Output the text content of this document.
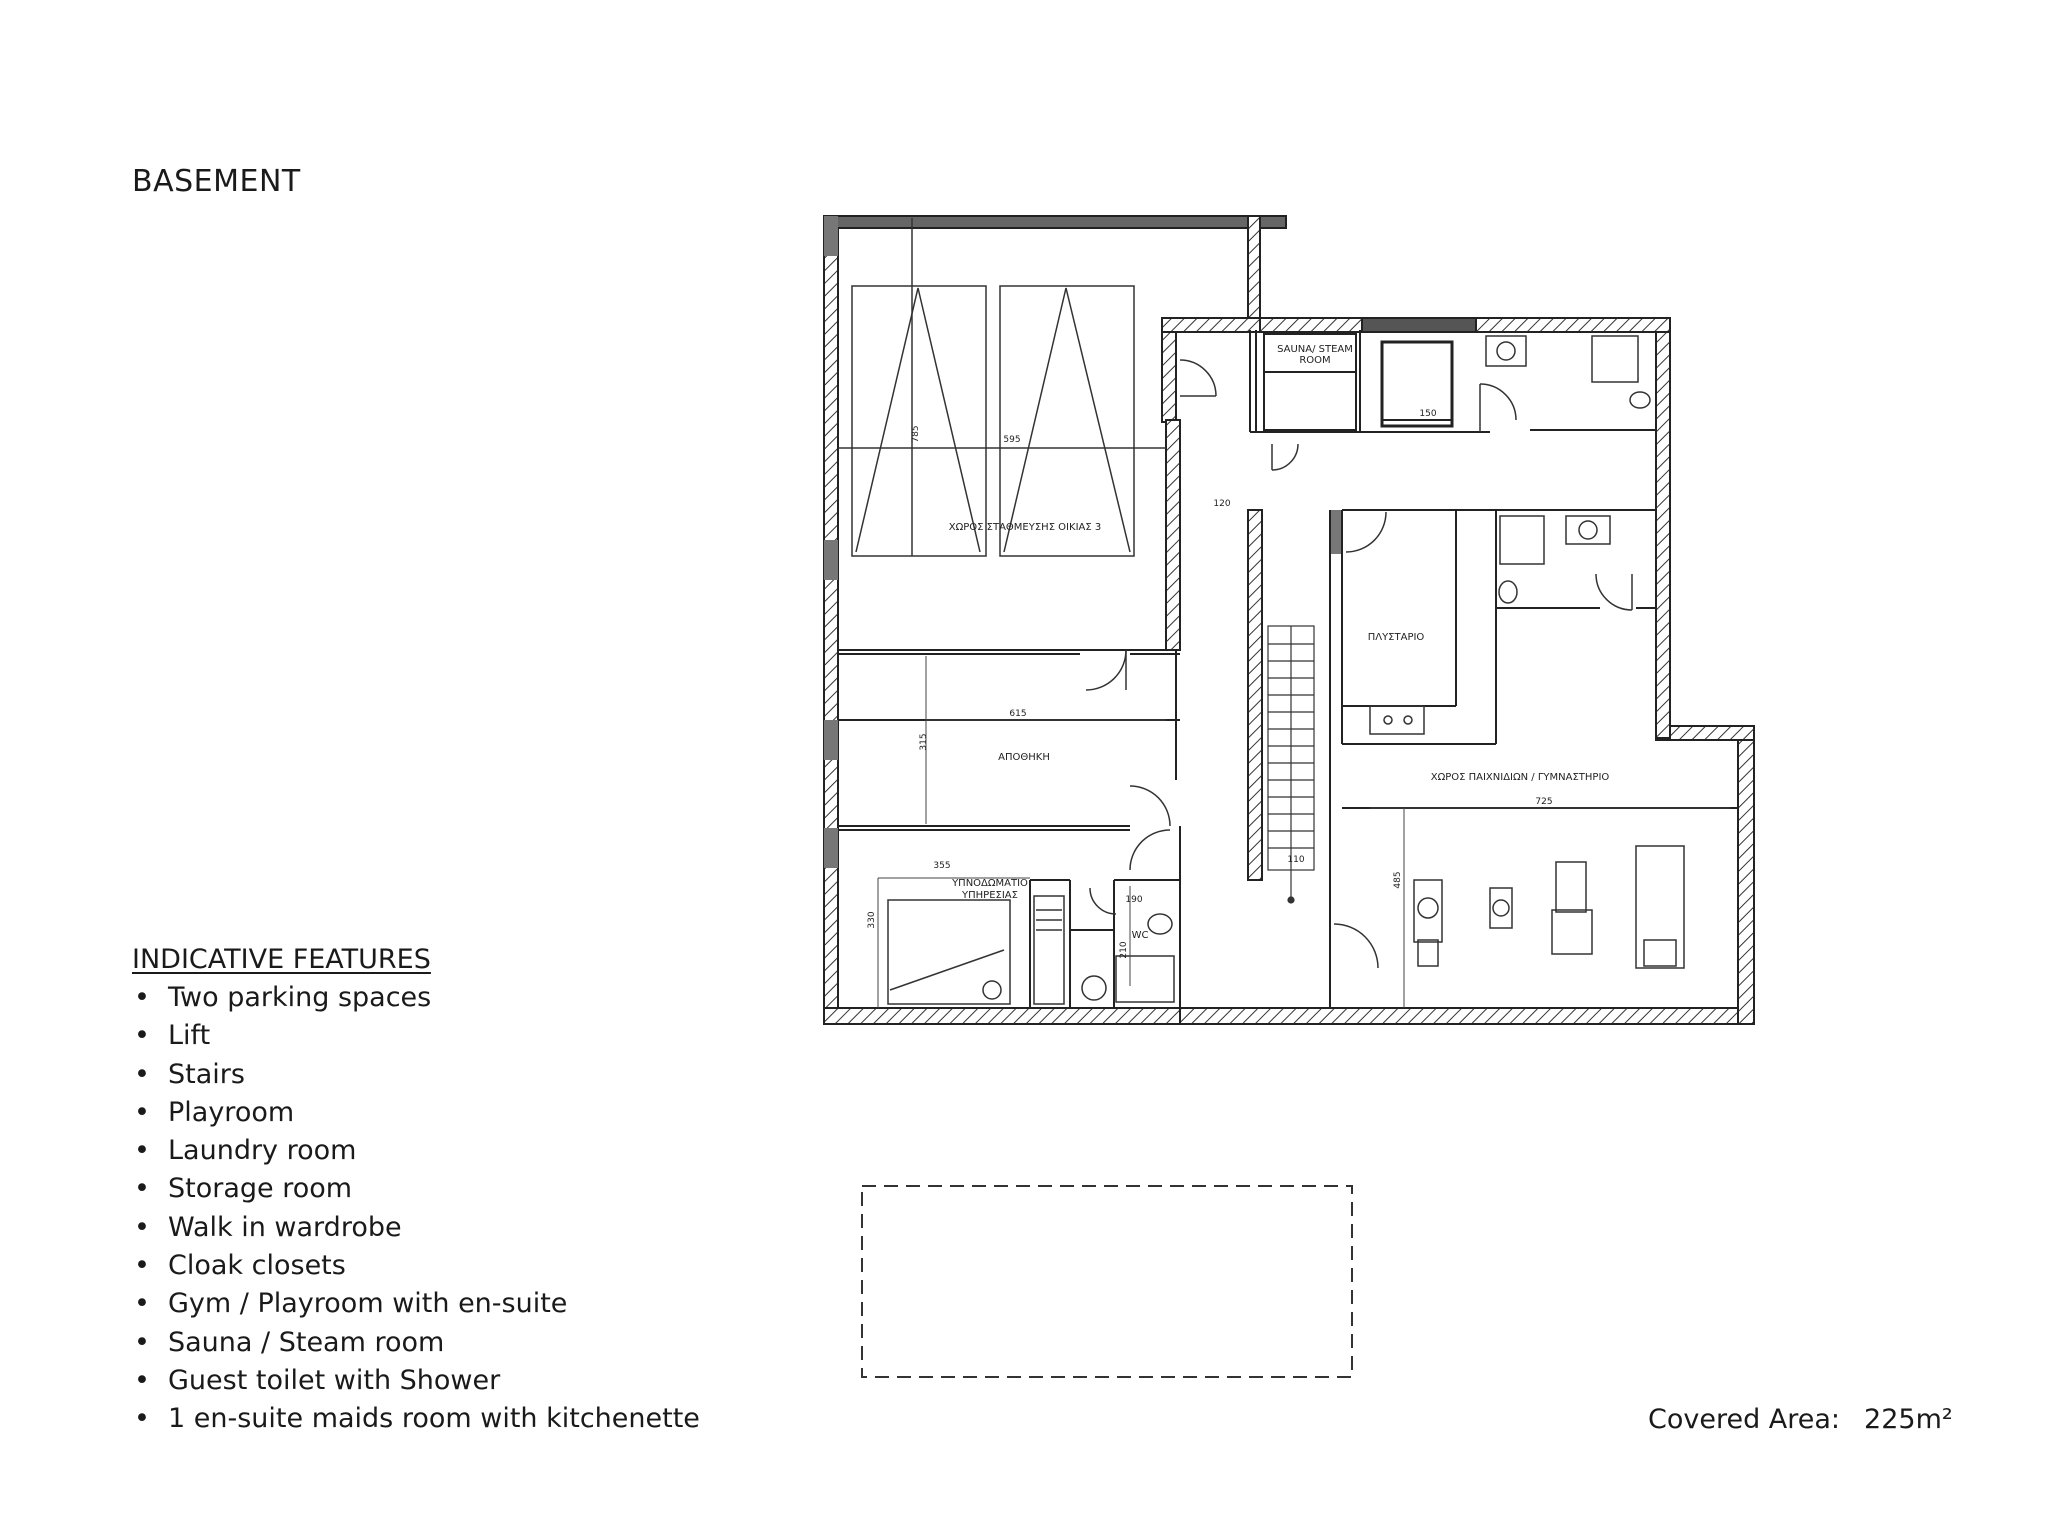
BASEMENT
ΧΩΡΟΣ ΣΤΑΘΜΕΥΣΗΣ ΟΙΚΙΑΣ 3
SAUNA/ STEAM
ROOM
ΠΛΥΣΤΑΡΙΟ
ΧΩΡΟΣ ΠΑΙΧΝΙΔΙΩΝ / ΓΥΜΝΑΣΤΗΡΙΟ
ΑΠΟΘΗΚΗ
ΥΠΝΟΔΩΜΑΤΙΟ
ΥΠΗΡΕΣΙΑΣ
WC
595
785
120
150
615
315
725
485
355
330
190
210
110
INDICATIVE FEATURES
• Two parking spaces
• Lift
• Stairs
• Playroom
• Laundry room
• Storage room
• Walk in wardrobe
• Cloak closets
• Gym / Playroom with en-suite
• Sauna / Steam room
• Guest toilet with Shower
• 1 en-suite maids room with kitchenette	Covered Area: 225m²
